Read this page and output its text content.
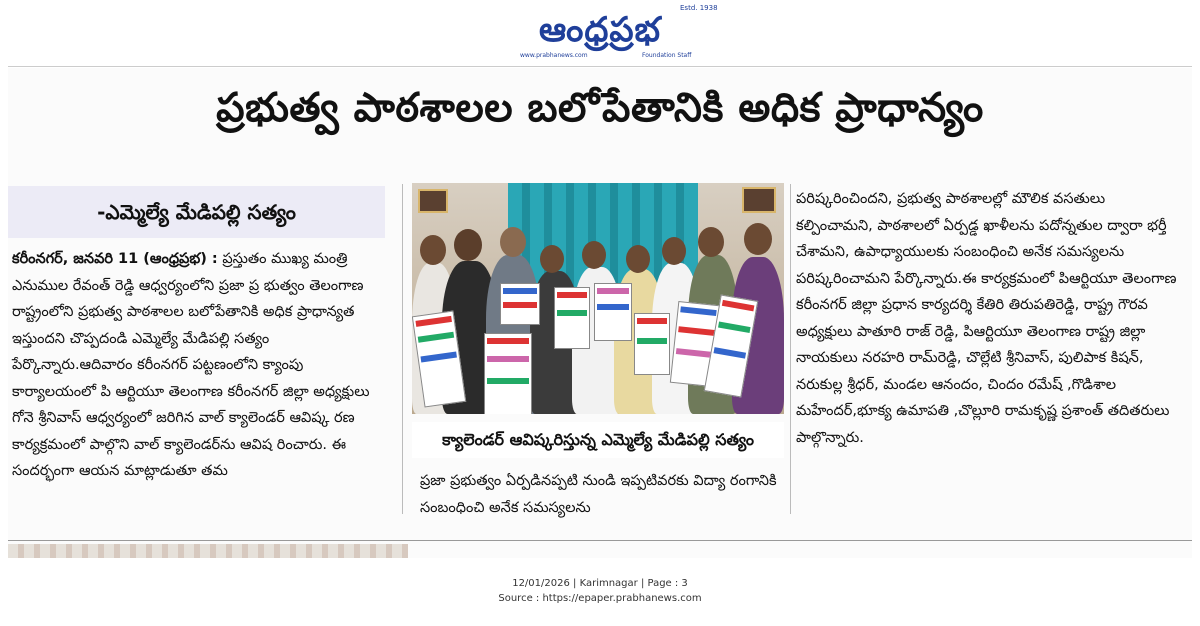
ఆంధ్రప్రభ
Estd. 1938
www.prabhanews.com	Foundation Staff
ప్రభుత్వ పాఠశాలల బలోపేతానికి అధిక ప్రాధాన్యం
-ఎమ్మెల్యే మేడిపల్లి సత్యం
కరీంనగర్, జనవరి 11 (ఆంధ్రప్రభ) : ప్రస్తుతం ముఖ్య మంత్రి ఎనుముల రేవంత్ రెడ్డి ఆధ్వర్యంలోని ప్రజా ప్ర భుత్వం తెలంగాణ రాష్ట్రంలోని ప్రభుత్వ పాఠశాలల బలోపేతానికి అధిక ప్రాధాన్యత ఇస్తుందని చొప్పదండి ఎమ్మెల్యే మేడిపల్లి సత్యం పేర్కొన్నారు.ఆదివారం కరీంనగర్ పట్టణంలోని క్యాంపు కార్యాలయంలో పి ఆర్టియూ తెలంగాణ కరీంనగర్ జిల్లా అధ్యక్షులు గోనె శ్రీనివాస్ ఆధ్వర్యంలో జరిగిన వాల్ క్యాలెండర్ ఆవిష్క రణ కార్యక్రమంలో పాల్గొని వాల్ క్యాలెండర్‌ను ఆవిష రించారు. ఈ సందర్భంగా ఆయన మాట్లాడుతూ తమ
క్యాలెండర్ ఆవిష్కరిస్తున్న ఎమ్మెల్యే మేడిపల్లి సత్యం
ప్రజా ప్రభుత్వం ఏర్పడినప్పటి నుండి ఇప్పటివరకు విద్యా రంగానికి సంబంధించి అనేక సమస్యలను
పరిష్కరించిందని, ప్రభుత్వ పాఠశాలల్లో మౌలిక వసతులు కల్పించామని, పాఠశాలలో ఏర్పడ్డ ఖాళీలను పదోన్నతుల ద్వారా భర్తీ చేశామని, ఉపాధ్యాయులకు సంబంధించి అనేక సమస్యలను పరిష్కరించామని పేర్కొన్నారు.ఈ కార్యక్రమంలో పిఆర్టియూ తెలంగాణ కరీంనగర్ జిల్లా ప్రధాన కార్యదర్శి కేతిరి తిరుపతిరెడ్డి, రాష్ట్ర గౌరవ అధ్యక్షులు పాతూరి రాజ్ రెడ్డి, పిఆర్టియూ తెలంగాణ రాష్ట్ర జిల్లా నాయకులు నరహరి రామ్‌రెడ్డి, చొల్లేటి శ్రీనివాస్, పులిపాక కిషన్, నరుకుల్ల శ్రీధర్, మండల ఆనందం, చిందం రమేష్ ,గొడిశాల మహేందర్,భూక్య ఉమాపతి ,చొల్లూరి రామకృష్ణ ప్రశాంత్ తదితరులు పాల్గొన్నారు.
12/01/2026 | Karimnagar | Page : 3
Source : https://epaper.prabhanews.com
